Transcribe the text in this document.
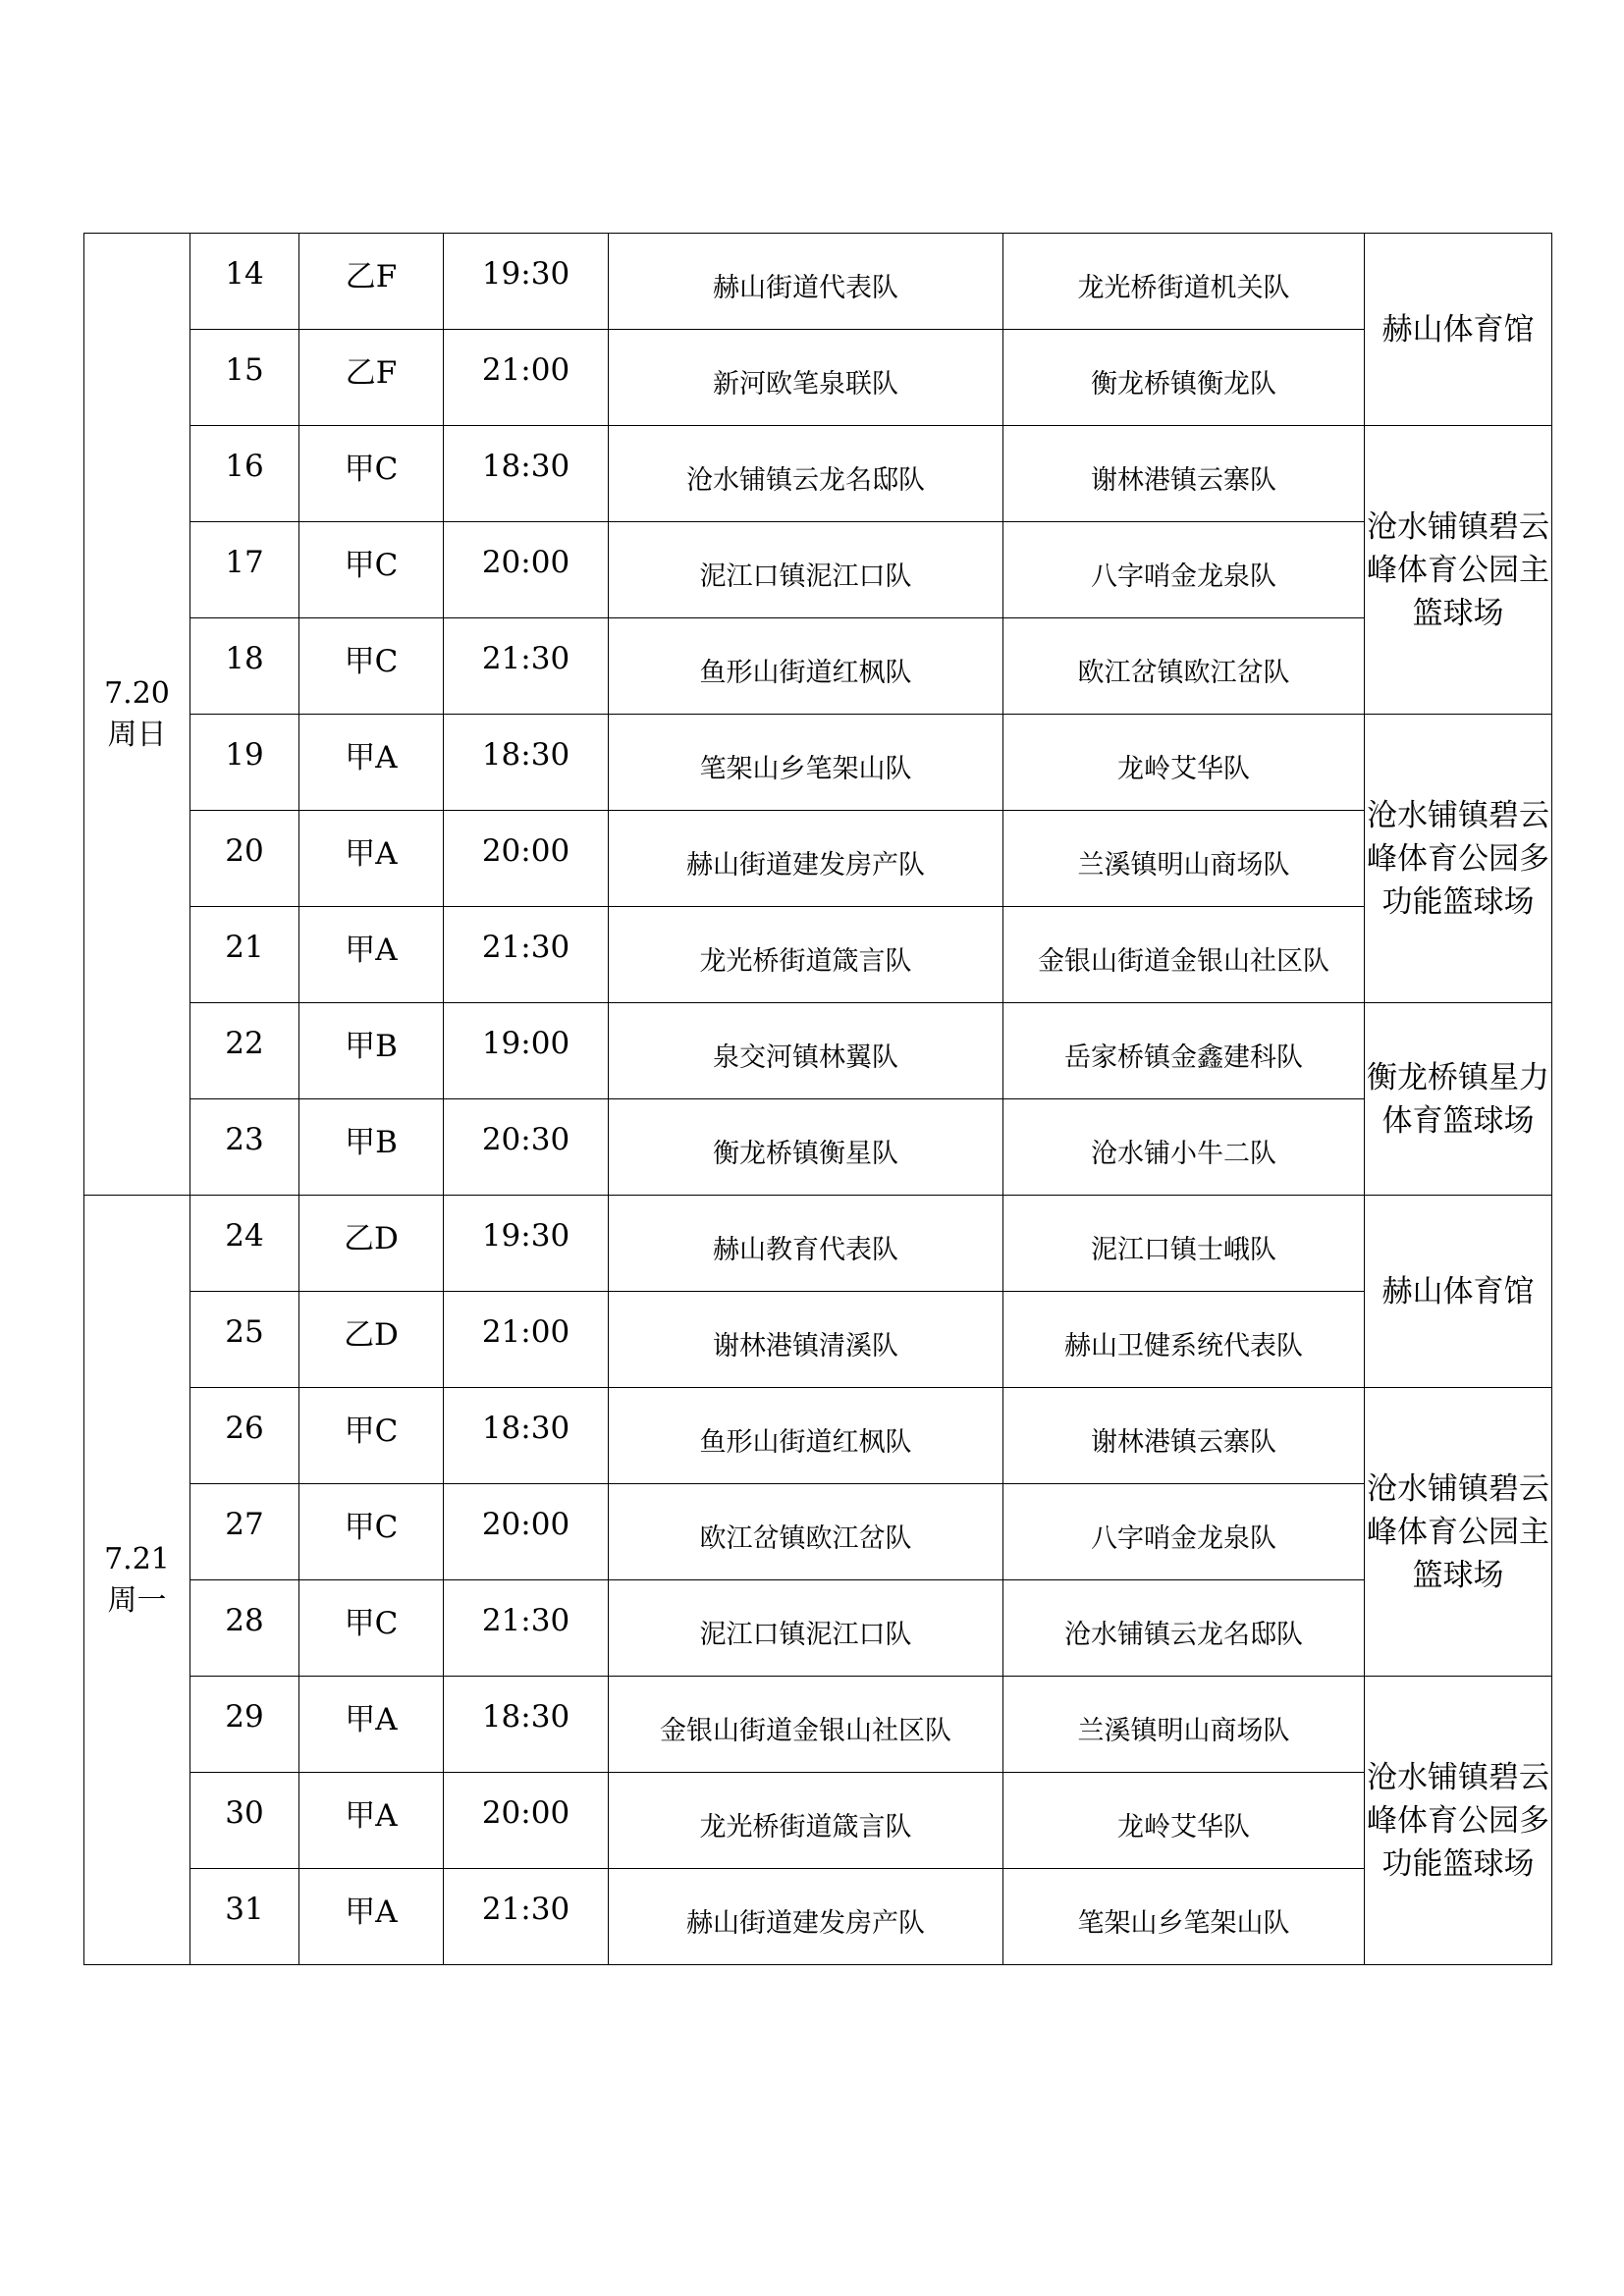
7.20
周日	14	乙F	19:30	赫山街道代表队	龙光桥街道机关队	赫山体育馆

	15	乙F	21:00	新河欧笔泉联队	衡龙桥镇衡龙队	
	16	甲C	18:30	沧水铺镇云龙名邸队	谢林港镇云寨队	沧水铺镇碧云峰体育公园主篮球场

	17	甲C	20:00	泥江口镇泥江口队	八字哨金龙泉队	
	18	甲C	21:30	鱼形山街道红枫队	欧江岔镇欧江岔队	
	19	甲A	18:30	笔架山乡笔架山队	龙岭艾华队	沧水铺镇碧云峰体育公园多功能篮球场

	20	甲A	20:00	赫山街道建发房产队	兰溪镇明山商场队	
	21	甲A	21:30	龙光桥街道箴言队	金银山街道金银山社区队	
	22	甲B	19:00	泉交河镇林翼队	岳家桥镇金鑫建科队	衡龙桥镇星力体育篮球场

	23	甲B	20:30	衡龙桥镇衡星队	沧水铺小牛二队	

7.21
周一	24	乙D	19:30	赫山教育代表队	泥江口镇士峨队	赫山体育馆

	25	乙D	21:00	谢林港镇清溪队	赫山卫健系统代表队	
	26	甲C	18:30	鱼形山街道红枫队	谢林港镇云寨队	沧水铺镇碧云峰体育公园主篮球场

	27	甲C	20:00	欧江岔镇欧江岔队	八字哨金龙泉队	
	28	甲C	21:30	泥江口镇泥江口队	沧水铺镇云龙名邸队	
	29	甲A	18:30	金银山街道金银山社区队	兰溪镇明山商场队	沧水铺镇碧云峰体育公园多功能篮球场

	30	甲A	20:00	龙光桥街道箴言队	龙岭艾华队	
	31	甲A	21:30	赫山街道建发房产队	笔架山乡笔架山队	
